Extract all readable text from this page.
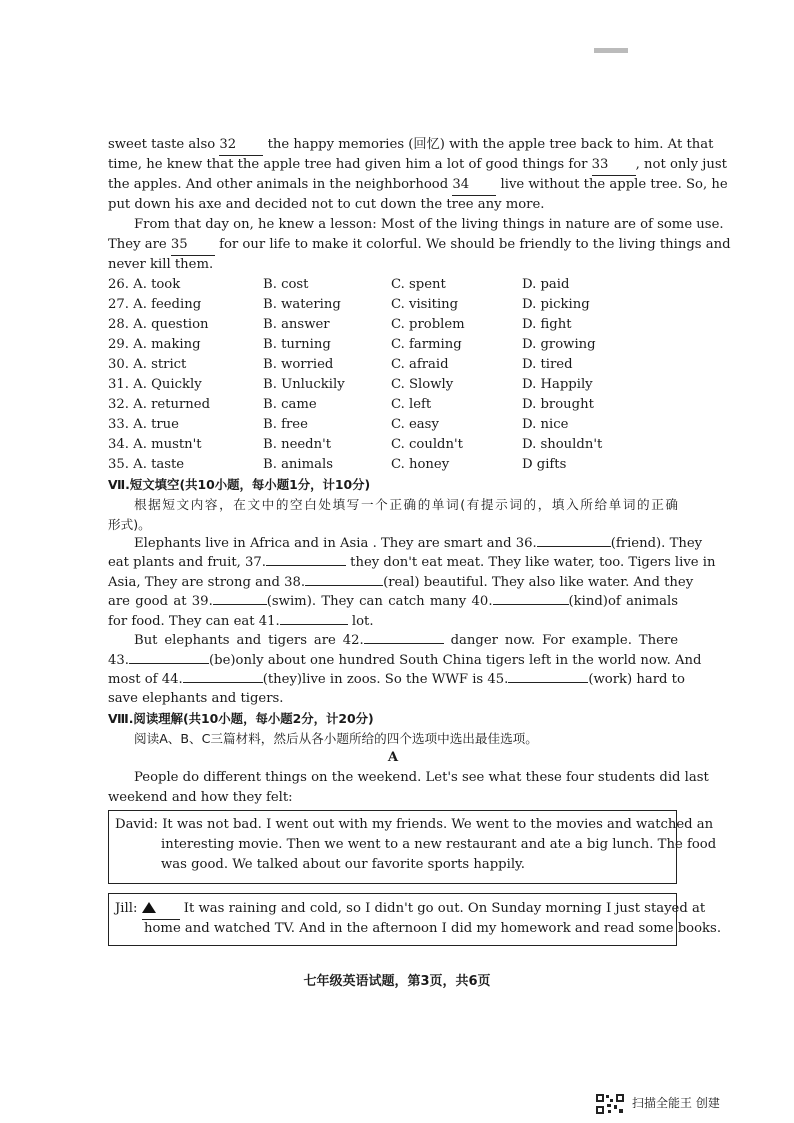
sweet taste also 32 the happy memories (回忆) with the apple tree back to him. At that
time, he knew that the apple tree had given him a lot of good things for 33 , not only just
the apples. And other animals in the neighborhood 34 live without the apple tree. So, he
put down his axe and decided not to cut down the tree any more.
From that day on, he knew a lesson: Most of the living things in nature are of some use.
They are 35 for our life to make it colorful. We should be friendly to the living things and
never kill them.
26. A. took	B. cost	C. spent	D. paid
27. A. feeding	B. watering	C. visiting	D. picking
28. A. question	B. answer	C. problem	D. fight
29. A. making	B. turning	C. farming	D. growing
30. A. strict	B. worried	C. afraid	D. tired
31. A. Quickly	B. Unluckily	C. Slowly	D. Happily
32. A. returned	B. came	C. left	D. brought
33. A. true	B. free	C. easy	D. nice
34. A. mustn't	B. needn't	C. couldn't	D. shouldn't
35. A. taste	B. animals	C. honey	D gifts
Ⅶ.短文填空(共10小题，每小题1分，计10分)
根据短文内容，在文中的空白处填写一个正确的单词(有提示词的，填入所给单词的正确
形式)。
Elephants live in Africa and in Asia . They are smart and 36.	(friend). They
eat plants and fruit, 37.	they don't eat meat. They like water, too. Tigers live in
Asia, They are strong and 38.	(real) beautiful. They also like water. And they
are good at 39.	(swim). They can catch many 40.	(kind)of animals
for food. They can eat 41.	lot.
But elephants and tigers are 42.	danger now. For example. There
43.	(be)only about one hundred South China tigers left in the world now. And
most of 44.	(they)live in zoos. So the WWF is 45.	(work) hard to
save elephants and tigers.
Ⅷ.阅读理解(共10小题，每小题2分，计20分)
阅读A、B、C三篇材料，然后从各小题所给的四个选项中选出最佳选项。
A
People do different things on the weekend. Let's see what these four students did last
weekend and how they felt:
David: It was not bad. I went out with my friends. We went to the movies and watched an
interesting movie. Then we went to a new restaurant and ate a big lunch. The food
was good. We talked about our favorite sports happily.
Jill:	It was raining and cold, so I didn't go out. On Sunday morning I just stayed at
home and watched TV. And in the afternoon I did my homework and read some books.
七年级英语试题，第3页，共6页
扫描全能王 创建
